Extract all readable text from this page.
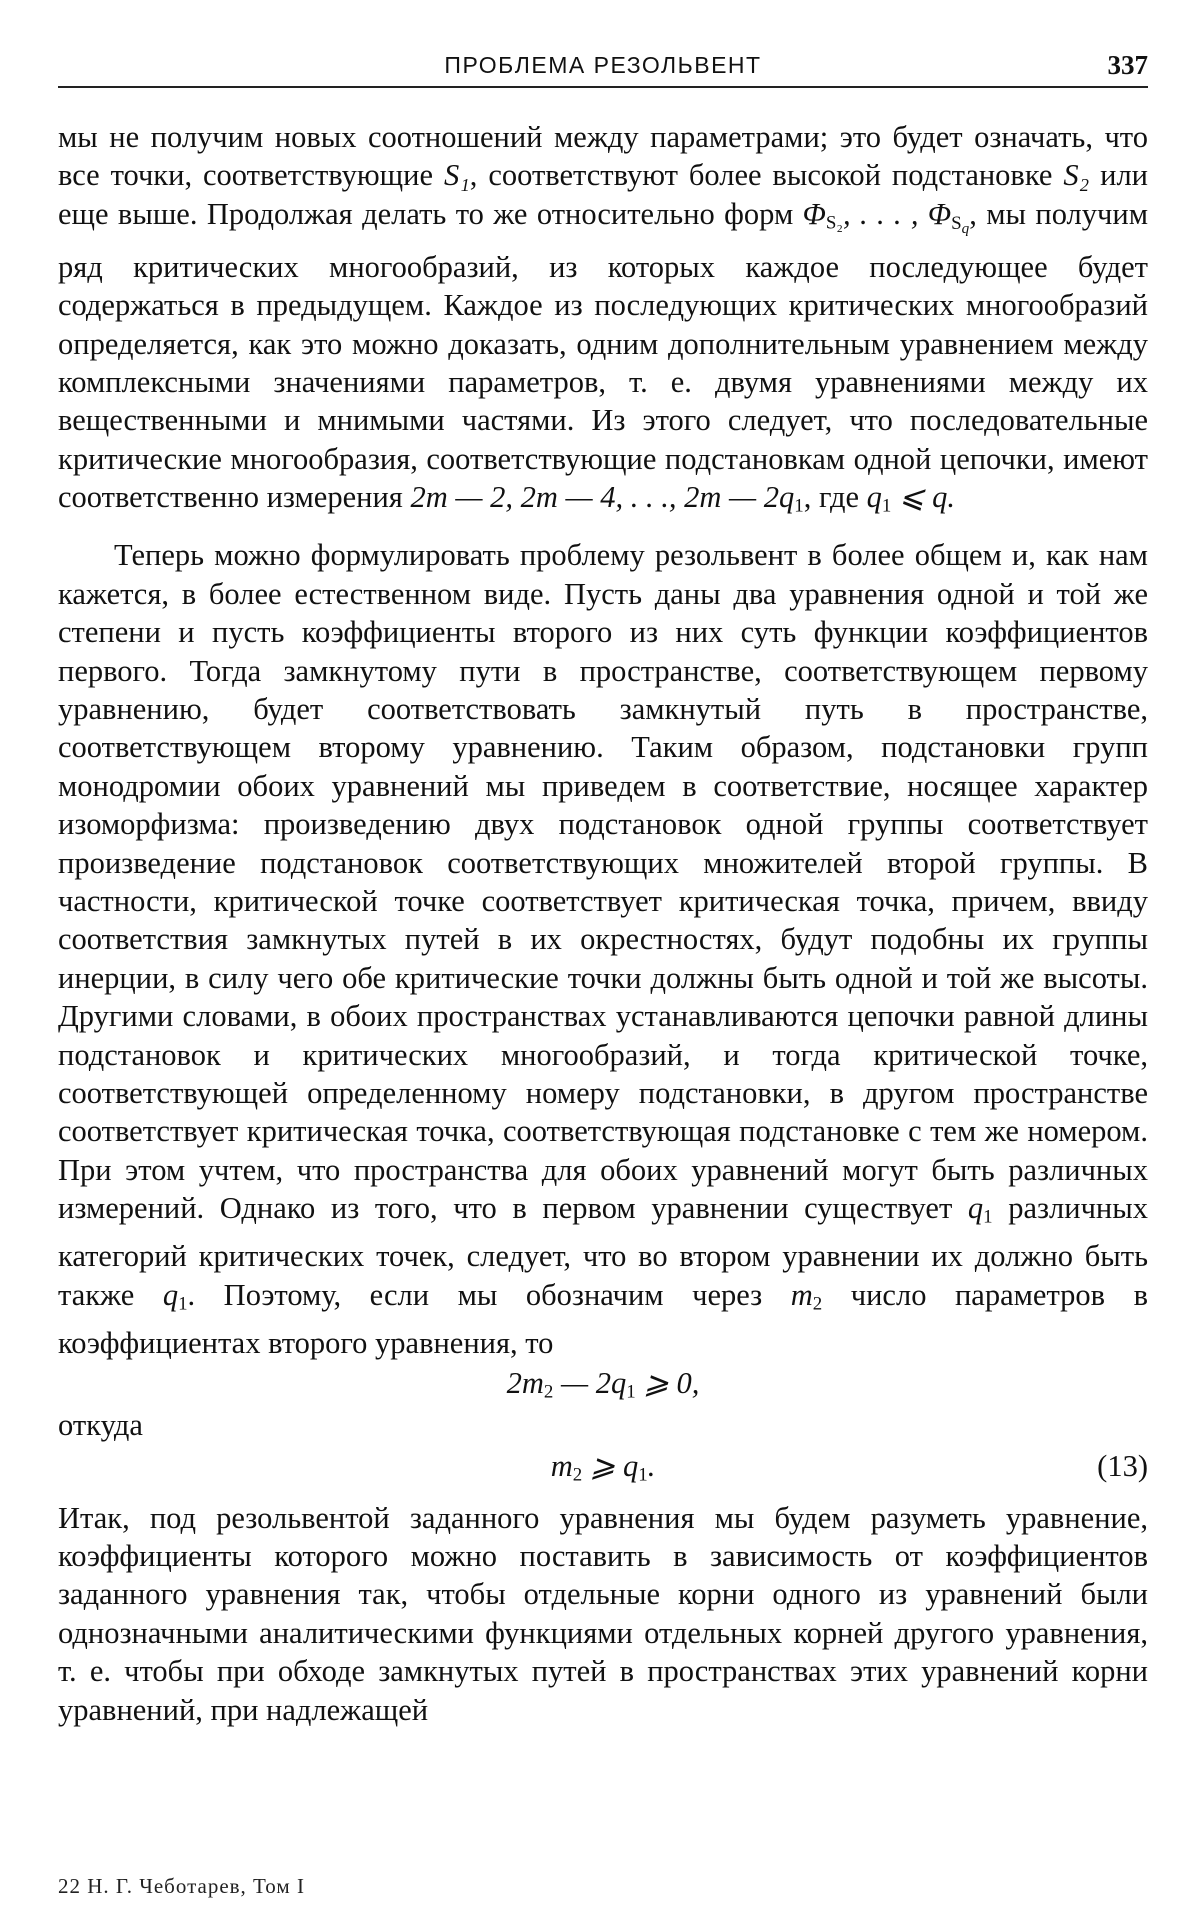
ПРОБЛЕМА РЕЗОЛЬВЕНТ	337

мы не получим новых соотношений между параметрами; это будет означать, что все точки, соответствующие S₁, соответствуют более высокой подстановке S₂ или еще выше. Продолжая делать то же относительно форм ΦS₂, . . . , ΦSq, мы получим ряд критических многообразий, из которых каждое последующее будет содержаться в предыдущем. Каждое из последующих критических многообразий определяется, как это можно доказать, одним дополнительным уравнением между комплексными значениями параметров, т. е. двумя уравнениями между их вещественными и мнимыми частями. Из этого следует, что последовательные критические многообразия, соответствующие подстановкам одной цепочки, имеют соответственно измерения 2m — 2, 2m — 4, . . ., 2m — 2q1, где q1 ⩽ q.

Теперь можно формулировать проблему резольвент в более общем и, как нам кажется, в более естественном виде. Пусть даны два уравнения одной и той же степени и пусть коэффициенты второго из них суть функции коэффициентов первого. Тогда замкнутому пути в пространстве, соответствующем первому уравнению, будет соответствовать замкнутый путь в пространстве, соответствующем второму уравнению. Таким образом, подстановки групп монодромии обоих уравнений мы приведем в соответствие, носящее характер изоморфизма: произведению двух подстановок одной группы соответствует произведение подстановок соответствующих множителей второй группы. В частности, критической точке соответствует критическая точка, причем, ввиду соответствия замкнутых путей в их окрестностях, будут подобны их группы инерции, в силу чего обе критические точки должны быть одной и той же высоты. Другими словами, в обоих пространствах устанавливаются цепочки равной длины подстановок и критических многообразий, и тогда критической точке, соответствующей определенному номеру подстановки, в другом пространстве соответствует критическая точка, соответствующая подстановке с тем же номером. При этом учтем, что пространства для обоих уравнений могут быть различных измерений. Однако из того, что в первом уравнении существует q1 различных категорий критических точек, следует, что во втором уравнении их должно быть также q1. Поэтому, если мы обозначим через m2 число параметров в коэффициентах второго уравнения, то

2m2 — 2q1 ⩾ 0,

откуда

m2 ⩾ q1.	(13)

Итак, под резольвентой заданного уравнения мы будем разуметь уравнение, коэффициенты которого можно поставить в зависимость от коэффициентов заданного уравнения так, чтобы отдельные корни одного из уравнений были однозначными аналитическими функциями отдельных корней другого уравнения, т. е. чтобы при обходе замкнутых путей в пространствах этих уравнений корни уравнений, при надлежащей

22 Н. Г. Чеботарев, Том I
